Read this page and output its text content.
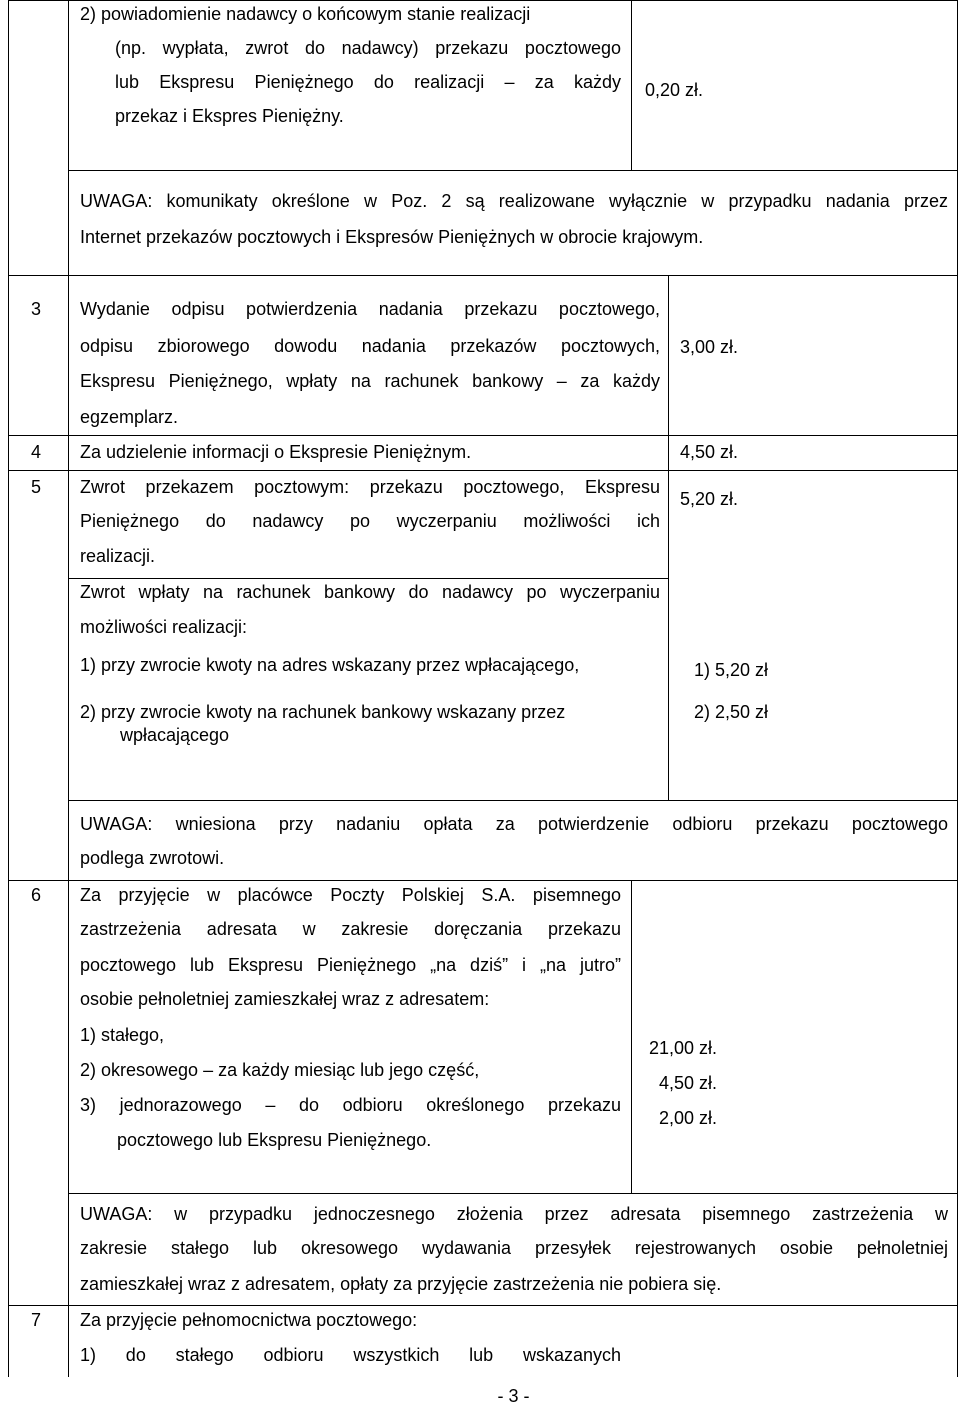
2) powiadomienie nadawcy o końcowym stanie realizacji
(np. wypłata, zwrot do nadawcy) przekazu pocztowego
lub Ekspresu Pieniężnego do realizacji – za każdy
przekaz i Ekspres Pieniężny.
0,20 zł.
UWAGA: komunikaty określone w Poz. 2 są realizowane wyłącznie w przypadku nadania przez
Internet przekazów pocztowych i Ekspresów Pieniężnych w obrocie krajowym.
3 Wydanie odpisu potwierdzenia nadania przekazu pocztowego,
odpisu zbiorowego dowodu nadania przekazów pocztowych,
Ekspresu Pieniężnego, wpłaty na rachunek bankowy – za każdy
egzemplarz.
3,00 zł.
4 Za udzielenie informacji o Ekspresie Pieniężnym.	4,50 zł.
5 Zwrot przekazem pocztowym: przekazu pocztowego, Ekspresu
Pieniężnego do nadawcy po wyczerpaniu możliwości ich
realizacji.
5,20 zł.
Zwrot wpłaty na rachunek bankowy do nadawcy po wyczerpaniu
możliwości realizacji:
1) przy zwrocie kwoty na adres wskazany przez wpłacającego,
2) przy zwrocie kwoty na rachunek bankowy wskazany przez
wpłacającego
1) 5,20 zł
2) 2,50 zł
UWAGA: wniesiona przy nadaniu opłata za potwierdzenie odbioru przekazu pocztowego
podlega zwrotowi.
6 Za przyjęcie w placówce Poczty Polskiej S.A. pisemnego
zastrzeżenia adresata w zakresie doręczania przekazu
pocztowego lub Ekspresu Pieniężnego „na dziś” i „na jutro”
osobie pełnoletniej zamieszkałej wraz z adresatem:
1) stałego,
2) okresowego – za każdy miesiąc lub jego część,
3) jednorazowego – do odbioru określonego przekazu
pocztowego lub Ekspresu Pieniężnego.
21,00 zł.
4,50 zł.
2,00 zł.
UWAGA: w przypadku jednoczesnego złożenia przez adresata pisemnego zastrzeżenia w
zakresie stałego lub okresowego wydawania przesyłek rejestrowanych osobie pełnoletniej
zamieszkałej wraz z adresatem, opłaty za przyjęcie zastrzeżenia nie pobiera się.
7 Za przyjęcie pełnomocnictwa pocztowego:
1) do stałego odbioru wszystkich lub wskazanych
- 3 -
